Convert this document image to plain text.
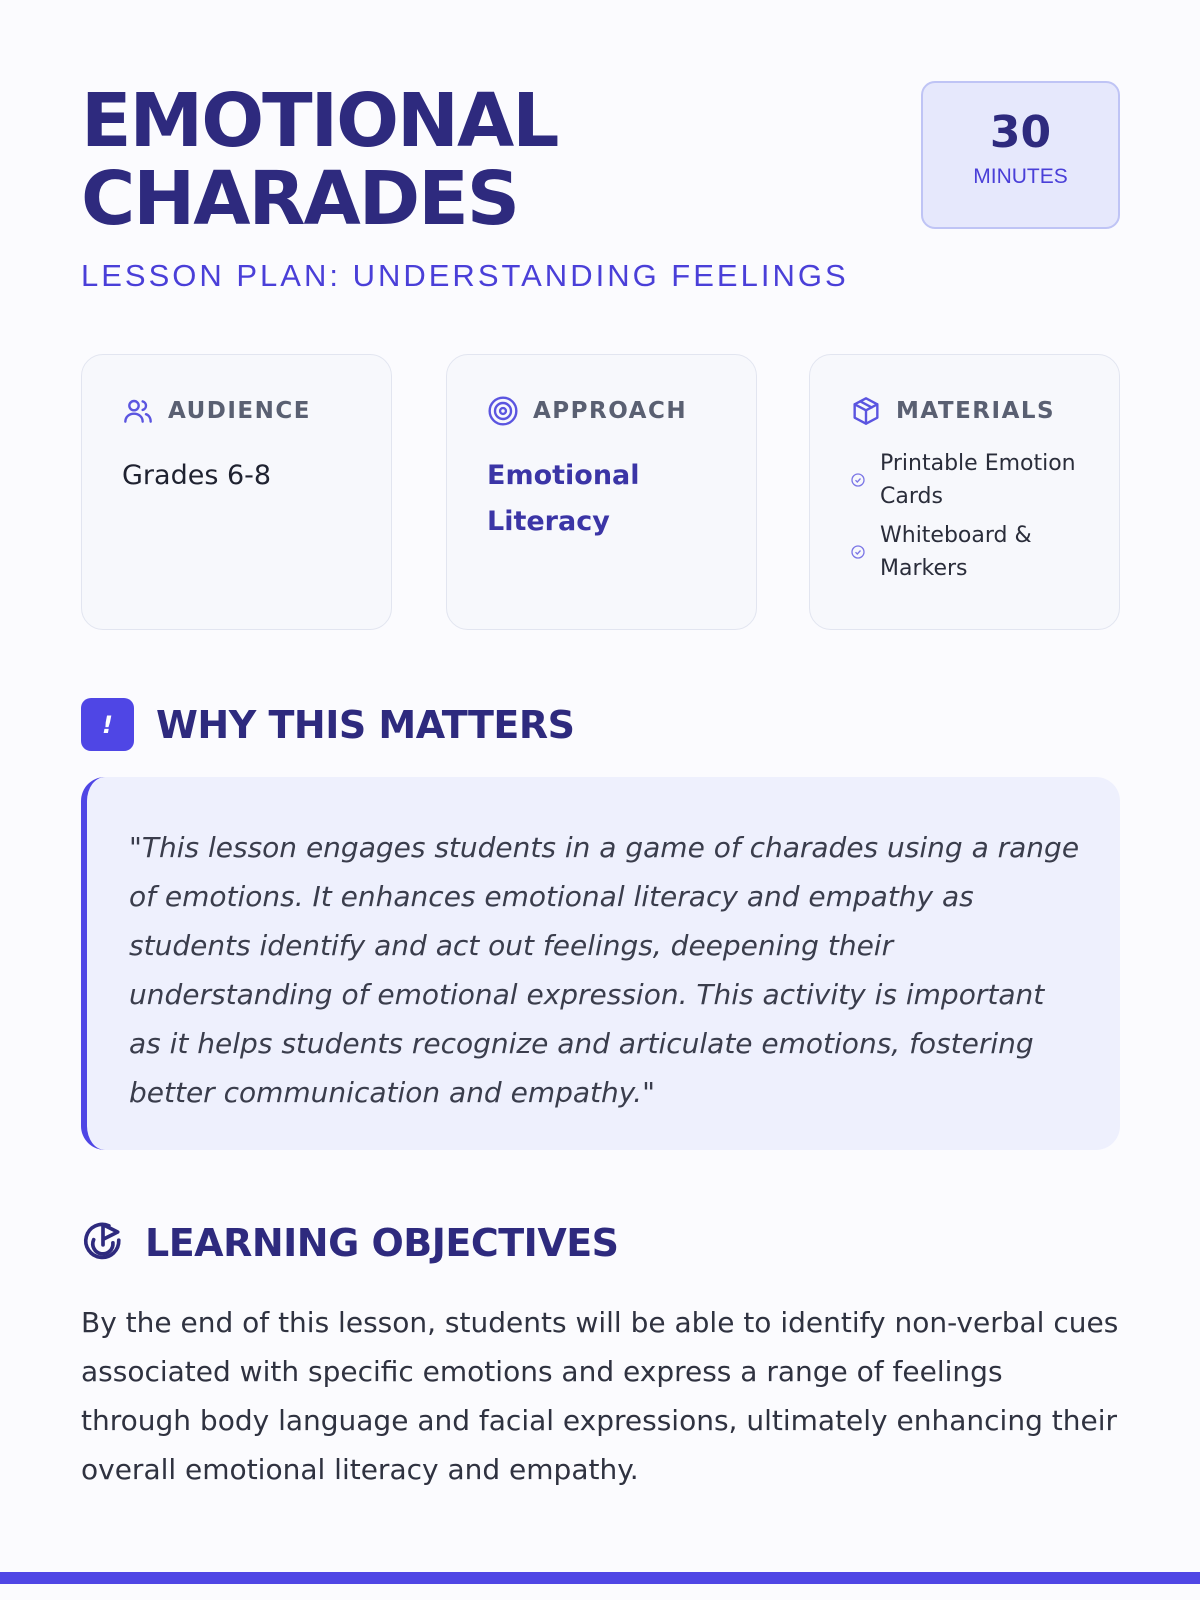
EMOTIONAL
CHARADES
LESSON PLAN: UNDERSTANDING FEELINGS
30
MINUTES
AUDIENCE
Grades 6-8
APPROACH
Emotional
Literacy
MATERIALS
Printable Emotion
Cards
Whiteboard &
Markers
!	WHY THIS MATTERS

"This lesson engages students in a game of charades using a range of emotions. It enhances emotional literacy and empathy as students identify and act out feelings, deepening their understanding of emotional expression. This activity is important as it helps students recognize and articulate emotions, fostering better communication and empathy."

LEARNING OBJECTIVES

By the end of this lesson, students will be able to identify non-verbal cues associated with specific emotions and express a range of feelings through body language and facial expressions, ultimately enhancing their overall emotional literacy and empathy.
